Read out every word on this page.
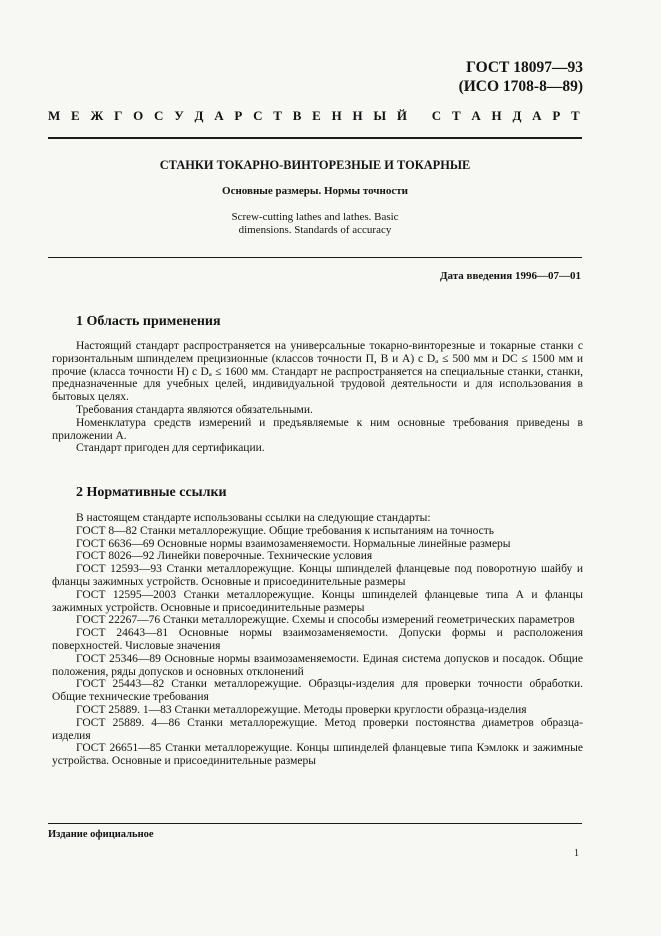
ГОСТ 18097—93
(ИСО 1708-8—89)
М Е Ж Г О С У Д А Р С Т В Е Н Н Ы Й
С Т А Н Д А Р Т
СТАНКИ ТОКАРНО-ВИНТОРЕЗНЫЕ И ТОКАРНЫЕ
Основные размеры. Нормы точности
Screw-cutting lathes and lathes. Basic
dimensions. Standards of accuracy
Дата введения 1996—07—01
1 Область применения

Настоящий стандарт распространяется на универсальные токарно-винторезные и токарные станки с горизонтальным шпинделем прецизионные (классов точности П, В и А) с Dₐ ≤ 500 мм и DC ≤ 1500 мм и прочие (класса точности Н) с Dₐ ≤ 1600 мм. Стандарт не распространяется на специальные станки, станки, предназначенные для учебных целей, индивидуальной трудовой деятельности и для использования в бытовых целях.

Требования стандарта являются обязательными.

Номенклатура средств измерений и предъявляемые к ним основные требования приведены в приложении А.

Стандарт пригоден для сертификации.

2 Нормативные ссылки

В настоящем стандарте использованы ссылки на следующие стандарты:

ГОСТ 8—82 Станки металлорежущие. Общие требования к испытаниям на точность

ГОСТ 6636—69 Основные нормы взаимозаменяемости. Нормальные линейные размеры

ГОСТ 8026—92 Линейки поверочные. Технические условия

ГОСТ 12593—93 Станки металлорежущие. Концы шпинделей фланцевые под поворотную шайбу и фланцы зажимных устройств. Основные и присоединительные размеры

ГОСТ 12595—2003 Станки металлорежущие. Концы шпинделей фланцевые типа А и фланцы зажимных устройств. Основные и присоединительные размеры

ГОСТ 22267—76 Станки металлорежущие. Схемы и способы измерений геометрических параметров

ГОСТ 24643—81 Основные нормы взаимозаменяемости. Допуски формы и расположения поверхностей. Числовые значения

ГОСТ 25346—89 Основные нормы взаимозаменяемости. Единая система допусков и посадок. Общие положения, ряды допусков и основных отклонений

ГОСТ 25443—82 Станки металлорежущие. Образцы-изделия для проверки точности обработки. Общие технические требования

ГОСТ 25889. 1—83 Станки металлорежущие. Методы проверки круглости образца-изделия

ГОСТ 25889. 4—86 Станки металлорежущие. Метод проверки постоянства диаметров образца-изделия

ГОСТ 26651—85 Станки металлорежущие. Концы шпинделей фланцевые типа Кэмлокк и зажимные устройства. Основные и присоединительные размеры

Издание официальное
1
